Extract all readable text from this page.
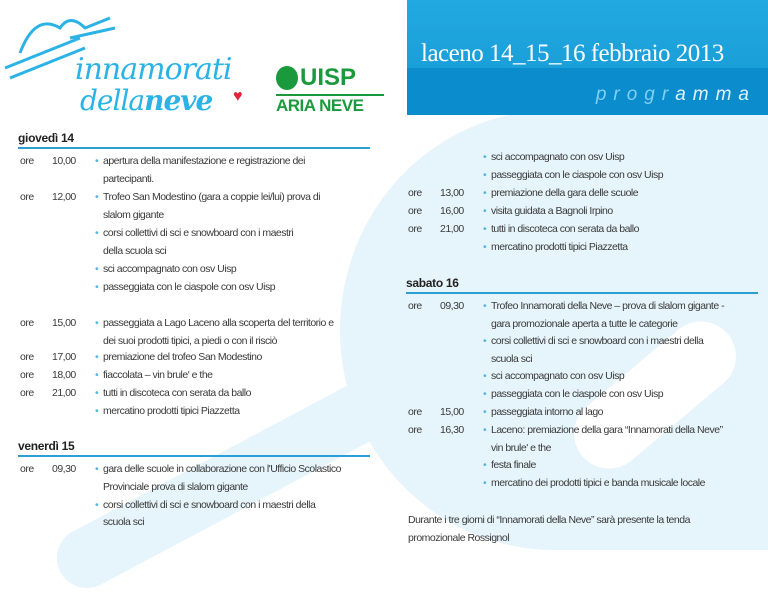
innamorati
dellaneve ♥
UISP
ARIA NEVE
laceno 14_15_16 febbraio 2013
programma
giovedì 14
venerdì 15
ore 10,00 • apertura della manifestazione e registrazione dei
partecipanti.
ore 12,00 • Trofeo San Modestino (gara a coppie lei/lui) prova di
slalom gigante
• corsi collettivi di sci e snowboard con i maestri
della scuola sci
• sci accompagnato con osv Uisp
• passeggiata con le ciaspole con osv Uisp
ore 15,00 • passeggiata a Lago Laceno alla scoperta del territorio e
dei suoi prodotti tipici, a piedi o con il risciò
ore 17,00 • premiazione del trofeo San Modestino
ore 18,00 • fiaccolata – vin brule' e the
ore 21,00 • tutti in discoteca con serata da ballo
• mercatino prodotti tipici Piazzetta
ore 09,30 • gara delle scuole in collaborazione con l'Ufficio Scolastico
Provinciale prova di slalom gigante
• corsi collettivi di sci e snowboard con i maestri della
scuola sci
sabato 16
• sci accompagnato con osv Uisp
• passeggiata con le ciaspole con osv Uisp
ore 13,00 • premiazione della gara delle scuole
ore 16,00 • visita guidata a Bagnoli Irpino
ore 21,00 • tutti in discoteca con serata da ballo
• mercatino prodotti tipici Piazzetta
ore 09,30 • Trofeo Innamorati della Neve – prova di slalom gigante -
gara promozionale aperta a tutte le categorie
• corsi collettivi di sci e snowboard con i maestri della
scuola sci
• sci accompagnato con osv Uisp
• passeggiata con le ciaspole con osv Uisp
ore 15,00 • passeggiata intorno al lago
ore 16,30 • Laceno: premiazione della gara “Innamorati della Neve”
vin brule' e the
• festa finale
• mercatino dei prodotti tipici e banda musicale locale
Durante i tre giorni di “Innamorati della Neve” sarà presente la tenda
promozionale Rossignol
